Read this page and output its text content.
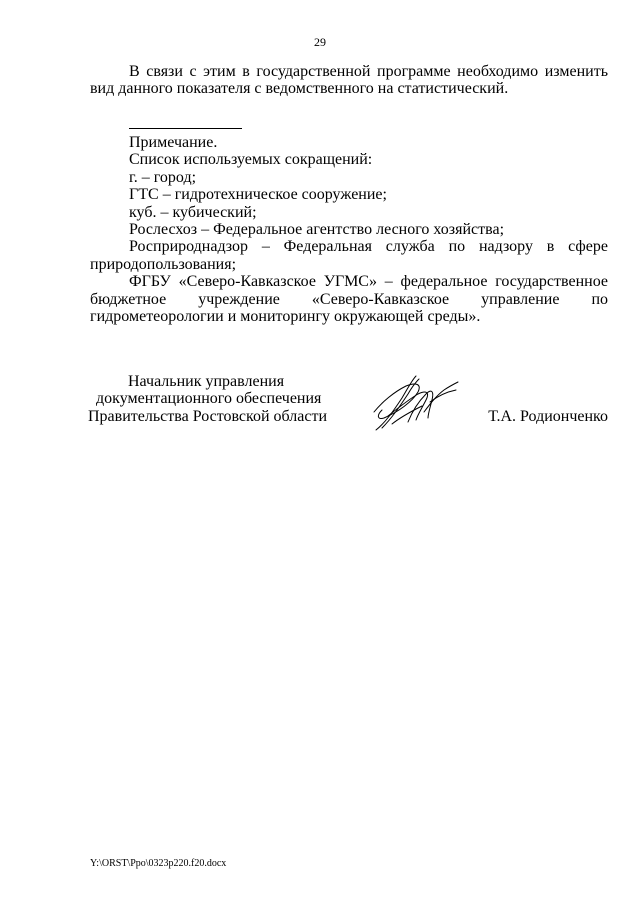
29

В связи с этим в государственной программе необходимо изменить вид данного показателя с ведомственного на статистический.

Примечание.

Список используемых сокращений:

г. – город;

ГТС – гидротехническое сооружение;

куб. – кубический;

Рослесхоз – Федеральное агентство лесного хозяйства;

Росприроднадзор – Федеральная служба по надзору в сфере природопользования;

ФГБУ «Северо-Кавказское УГМС» – федеральное государственное бюджетное учреждение «Северо-Кавказское управление по гидрометеорологии и мониторингу окружающей среды».

Начальник управления
документационного обеспечения
Правительства Ростовской области	Т.А. Родионченко
Y:\ORST\Ppo\0323p220.f20.docx
